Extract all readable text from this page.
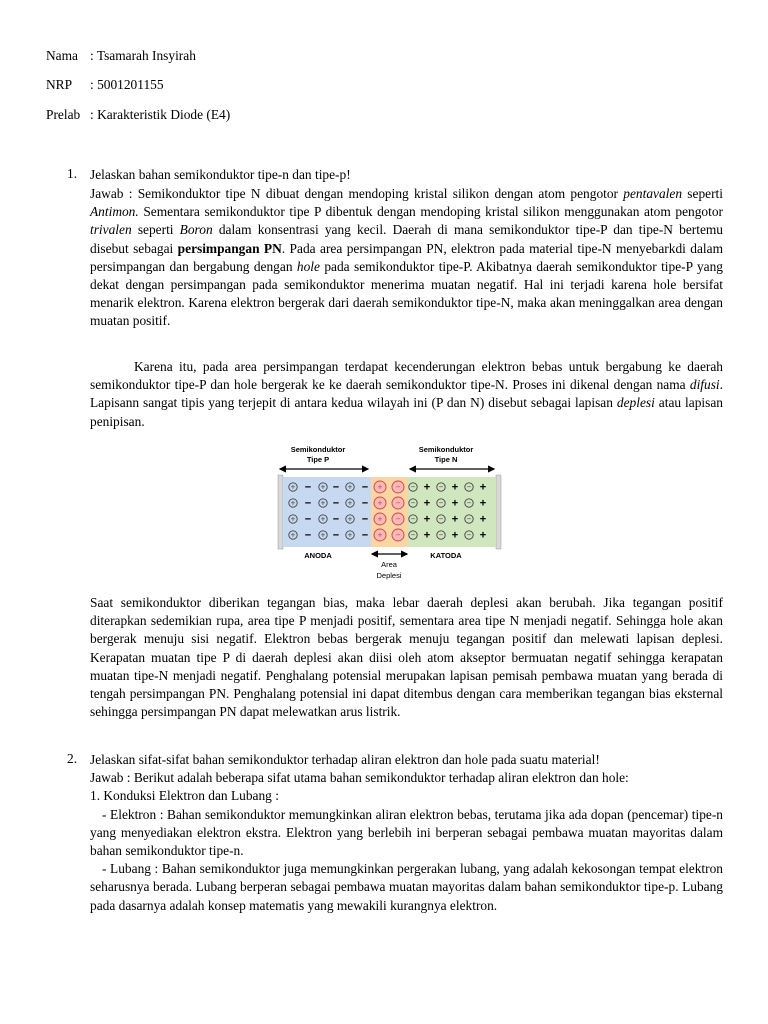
Nama : Tsamarah Insyirah
NRP : 5001201155
Prelab : Karakteristik Diode (E4)
1. Jelaskan bahan semikonduktor tipe-n dan tipe-p!

Jawab : Semikonduktor tipe N dibuat dengan mendoping kristal silikon dengan atom pengotor pentavalen seperti Antimon. Sementara semikonduktor tipe P dibentuk dengan mendoping kristal silikon menggunakan atom pengotor trivalen seperti Boron dalam konsentrasi yang kecil. Daerah di mana semikonduktor tipe-P dan tipe-N bertemu disebut sebagai persimpangan PN. Pada area persimpangan PN, elektron pada material tipe-N menyebarkdi dalam persimpangan dan bergabung dengan hole pada semikonduktor tipe-P. Akibatnya daerah semikonduktor tipe-P yang dekat dengan persimpangan pada semikonduktor menerima muatan negatif. Hal ini terjadi karena hole bersifat menarik elektron. Karena elektron bergerak dari daerah semikonduktor tipe-N, maka akan meninggalkan area dengan muatan positif.

Karena itu, pada area persimpangan terdapat kecenderungan elektron bebas untuk bergabung ke daerah semikonduktor tipe-P dan hole bergerak ke ke daerah semikonduktor tipe-N. Proses ini dikenal dengan nama difusi. Lapisann sangat tipis yang terjepit di antara kedua wilayah ini (P dan N) disebut sebagai lapisan deplesi atau lapisan penipisan.

Semikonduktor
Tipe P
Semikonduktor
Tipe N
+	+	+
− − −
+	+	+
− − −
+	+	+
− − −
+	+	+
− − −
+ −
+ −
+ −
+ −
−	−	−
+ + +
−	−	−
+ + +
−	−	−
+ + +
−	−	−
+ + +
ANODA	KATODA
Area
Deplesi

Saat semikonduktor diberikan tegangan bias, maka lebar daerah deplesi akan berubah. Jika tegangan positif diterapkan sedemikian rupa, area tipe P menjadi positif, sementara area tipe N menjadi negatif. Sehingga hole akan bergerak menuju sisi negatif. Elektron bebas bergerak menuju tegangan positif dan melewati lapisan deplesi. Kerapatan muatan tipe P di daerah deplesi akan diisi oleh atom akseptor bermuatan negatif sehingga kerapatan muatan tipe-N menjadi negatif. Penghalang potensial merupakan lapisan pemisah pembawa muatan yang berada di tengah persimpangan PN. Penghalang potensial ini dapat ditembus dengan cara memberikan tegangan bias eksternal sehingga persimpangan PN dapat melewatkan arus listrik.

2. Jelaskan sifat-sifat bahan semikonduktor terhadap aliran elektron dan hole pada suatu material!

Jawab : Berikut adalah beberapa sifat utama bahan semikonduktor terhadap aliran elektron dan hole:

1. Konduksi Elektron dan Lubang :

- Elektron : Bahan semikonduktor memungkinkan aliran elektron bebas, terutama jika ada dopan (pencemar) tipe-n yang menyediakan elektron ekstra. Elektron yang berlebih ini berperan sebagai pembawa muatan mayoritas dalam bahan semikonduktor tipe-n.

- Lubang : Bahan semikonduktor juga memungkinkan pergerakan lubang, yang adalah kekosongan tempat elektron seharusnya berada. Lubang berperan sebagai pembawa muatan mayoritas dalam bahan semikonduktor tipe-p. Lubang pada dasarnya adalah konsep matematis yang mewakili kurangnya elektron.
